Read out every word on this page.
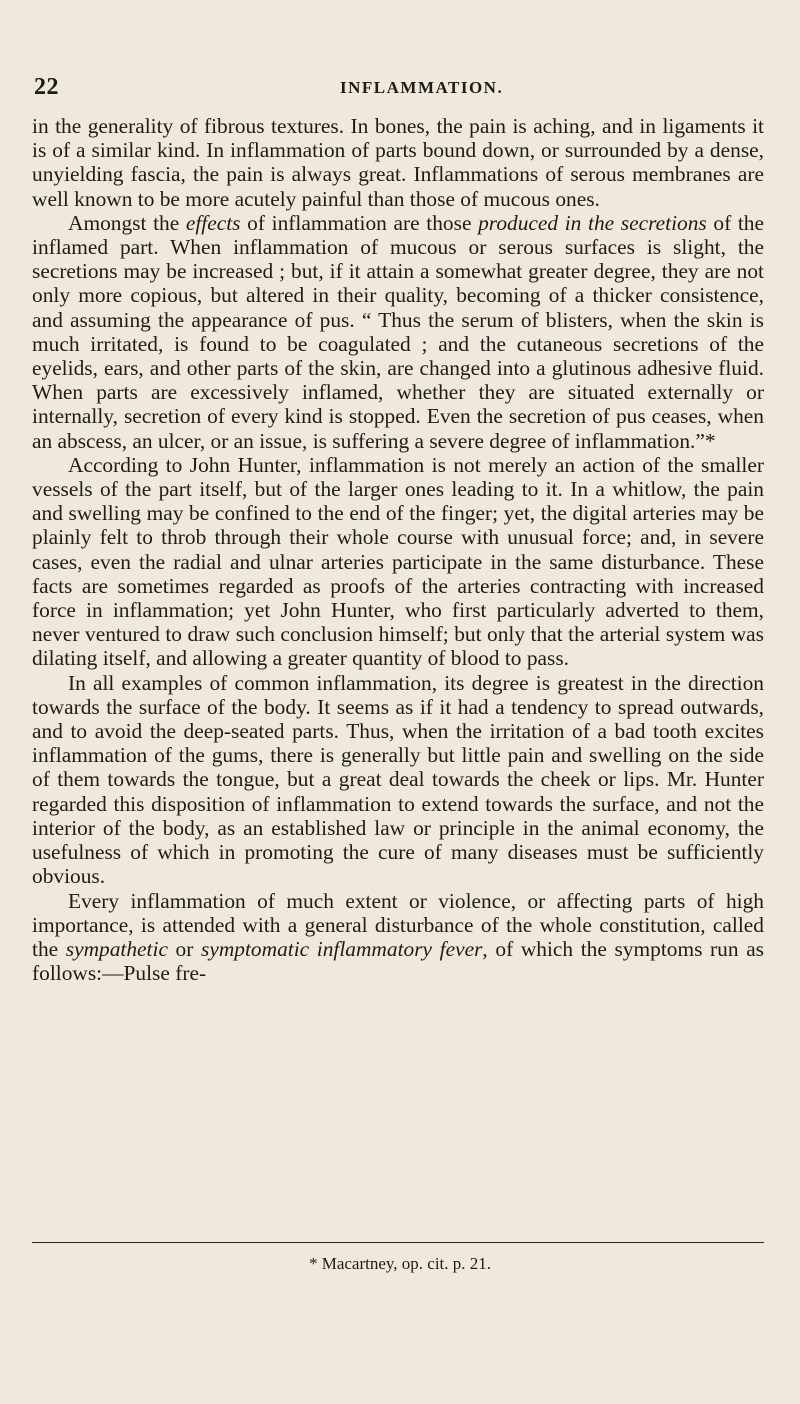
22	INFLAMMATION.

in the generality of fibrous textures. In bones, the pain is aching, and in ligaments it is of a similar kind. In inflammation of parts bound down, or surrounded by a dense, unyielding fascia, the pain is always great. Inflammations of serous membranes are well known to be more acutely painful than those of mucous ones.

Amongst the effects of inflammation are those produced in the secretions of the inflamed part. When inflammation of mucous or serous surfaces is slight, the secretions may be increased ; but, if it attain a somewhat greater degree, they are not only more copious, but altered in their quality, becoming of a thicker consistence, and assuming the appearance of pus. “ Thus the serum of blisters, when the skin is much irritated, is found to be coagulated ; and the cutaneous secretions of the eyelids, ears, and other parts of the skin, are changed into a glutinous adhesive fluid. When parts are excessively inflamed, whether they are situated externally or internally, secretion of every kind is stopped. Even the secretion of pus ceases, when an abscess, an ulcer, or an issue, is suffering a severe degree of inflammation.”*

According to John Hunter, inflammation is not merely an action of the smaller vessels of the part itself, but of the larger ones leading to it. In a whitlow, the pain and swelling may be confined to the end of the finger; yet, the digital arteries may be plainly felt to throb through their whole course with unusual force; and, in severe cases, even the radial and ulnar arteries participate in the same disturbance. These facts are sometimes regarded as proofs of the arteries contracting with increased force in inflammation; yet John Hunter, who first particularly adverted to them, never ventured to draw such conclusion himself; but only that the arterial system was dilating itself, and allowing a greater quantity of blood to pass.

In all examples of common inflammation, its degree is greatest in the direction towards the surface of the body. It seems as if it had a tendency to spread outwards, and to avoid the deep-seated parts. Thus, when the irritation of a bad tooth excites inflammation of the gums, there is generally but little pain and swelling on the side of them towards the tongue, but a great deal towards the cheek or lips. Mr. Hunter regarded this disposition of inflammation to extend towards the surface, and not the interior of the body, as an established law or principle in the animal economy, the usefulness of which in promoting the cure of many diseases must be sufficiently obvious.

Every inflammation of much extent or violence, or affecting parts of high importance, is attended with a general disturbance of the whole constitution, called the sympathetic or symptomatic inflammatory fever, of which the symptoms run as follows:—Pulse fre-

* Macartney, op. cit. p. 21.
